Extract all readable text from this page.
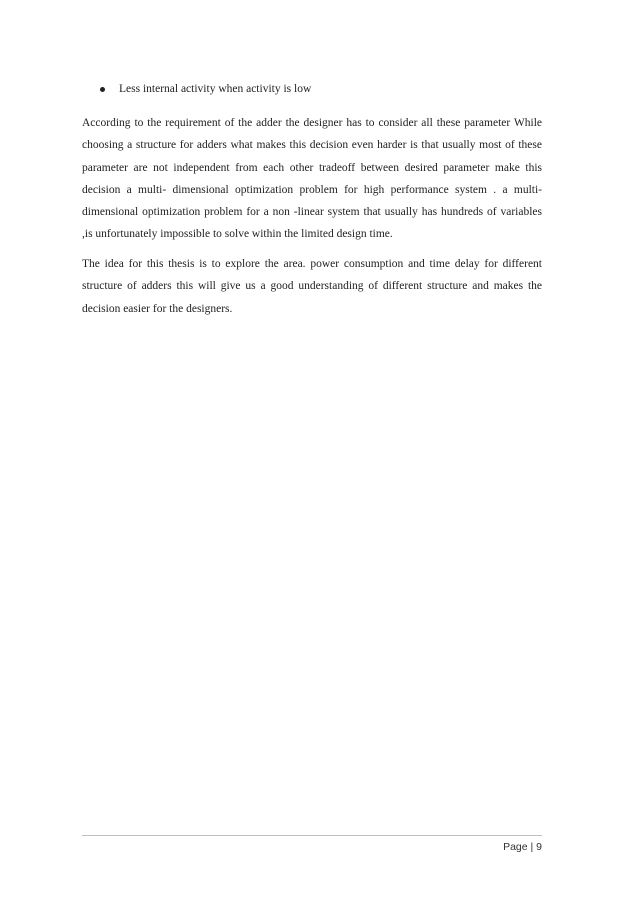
Less internal activity when activity is low

According to the requirement of the adder the designer has to consider all these parameter While choosing a structure for adders what makes this decision even harder is that usually most of these parameter are not independent from each other tradeoff between desired parameter make this decision a multi- dimensional optimization problem for high performance system . a multi-dimensional optimization problem for a non -linear system that usually has hundreds of variables ,is unfortunately impossible to solve within the limited design time.

The idea for this thesis is to explore the area. power consumption and time delay for different structure of adders this will give us a good understanding of different structure and makes the decision easier for the designers.

Page | 9
